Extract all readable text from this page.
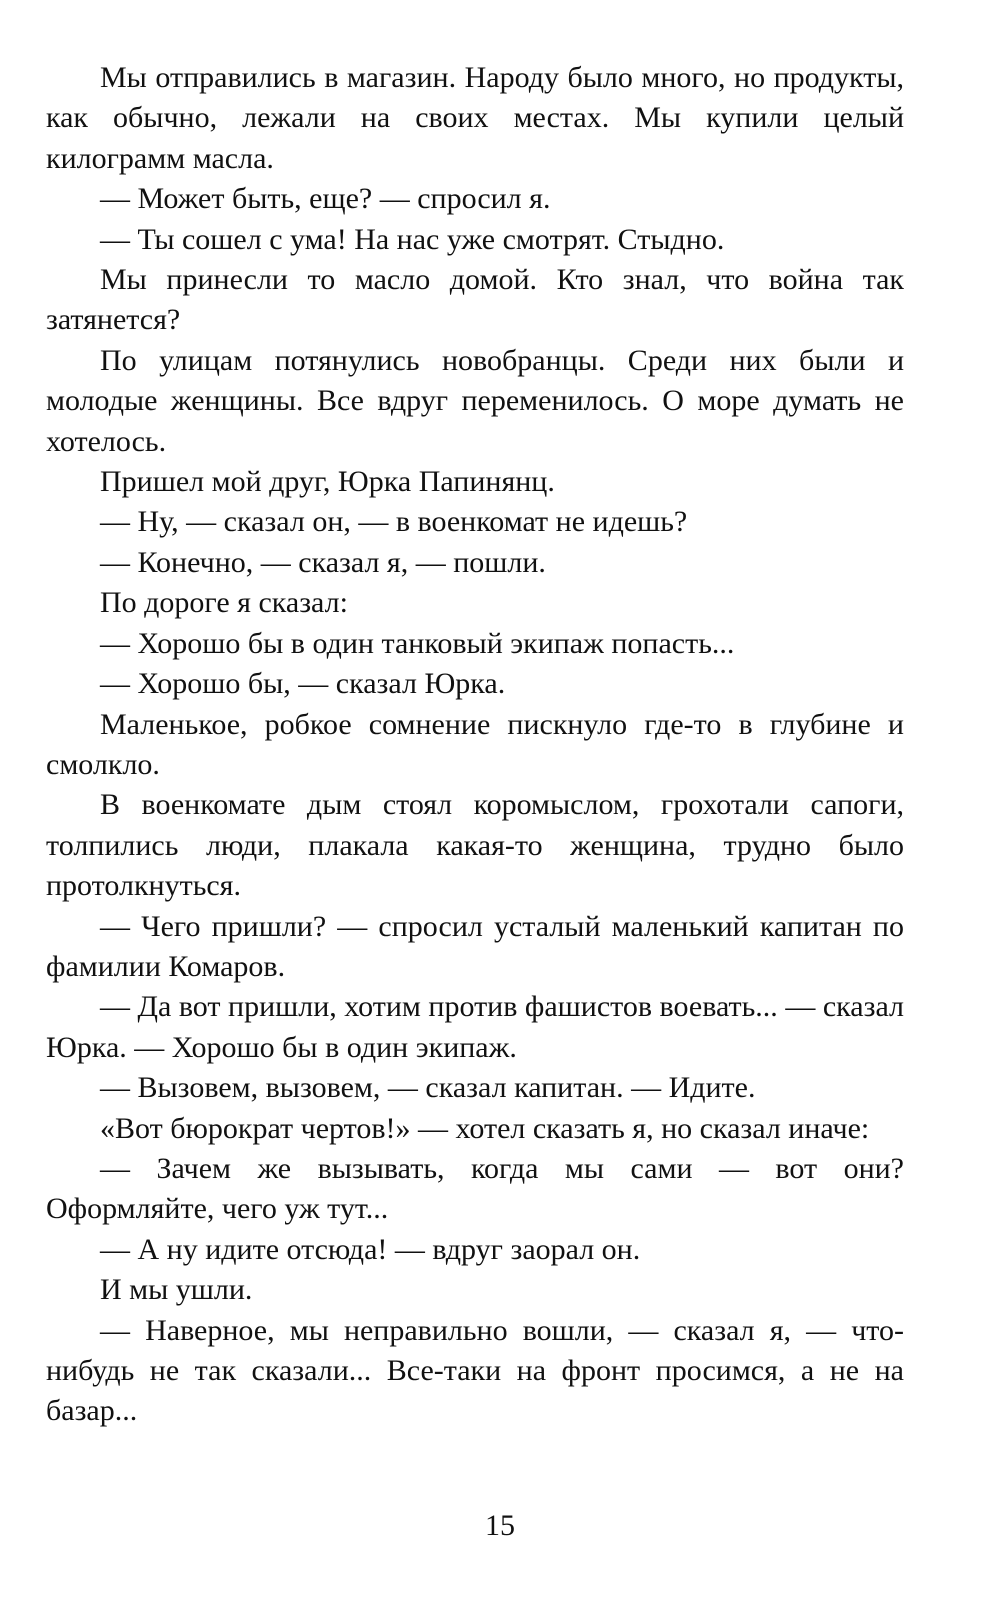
Мы отправились в магазин. Народу было много, но продукты, как обычно, лежали на своих местах. Мы купили целый килограмм масла.

— Может быть, еще? — спросил я.

— Ты сошел с ума! На нас уже смотрят. Стыдно.

Мы принесли то масло домой. Кто знал, что война так затянется?

По улицам потянулись новобранцы. Среди них были и молодые женщины. Все вдруг переменилось. О море думать не хотелось.

Пришел мой друг, Юрка Папинянц.

— Ну, — сказал он, — в военкомат не идешь?

— Конечно, — сказал я, — пошли.

По дороге я сказал:

— Хорошо бы в один танковый экипаж попасть...

— Хорошо бы, — сказал Юрка.

Маленькое, робкое сомнение пискнуло где-то в глубине и смолкло.

В военкомате дым стоял коромыслом, грохотали сапоги, толпились люди, плакала какая-то женщина, трудно было протолкнуться.

— Чего пришли? — спросил усталый маленький капитан по фамилии Комаров.

— Да вот пришли, хотим против фашистов воевать... — сказал Юрка. — Хорошо бы в один экипаж.

— Вызовем, вызовем, — сказал капитан. — Идите.

«Вот бюрократ чертов!» — хотел сказать я, но сказал иначе:

— Зачем же вызывать, когда мы сами — вот они? Оформляйте, чего уж тут...

— А ну идите отсюда! — вдруг заорал он.

И мы ушли.

— Наверное, мы неправильно вошли, — сказал я, — что-нибудь не так сказали... Все-таки на фронт просимся, а не на базар...

15
